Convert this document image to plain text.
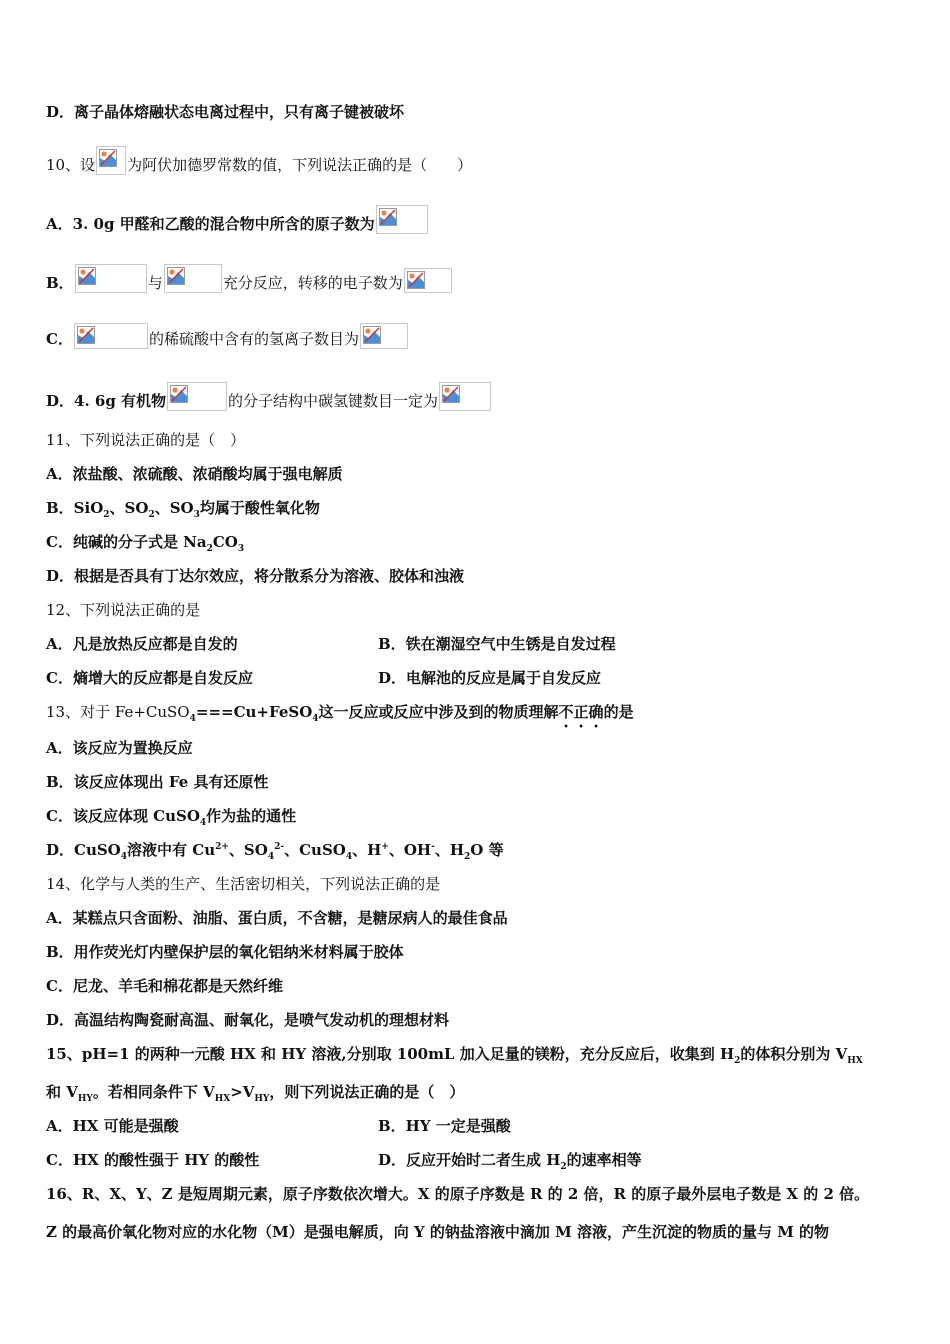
D．离子晶体熔融状态电离过程中，只有离子键被破坏
10、设 为阿伏加德罗常数的值，下列说法正确的是（　　）
A．3. 0g 甲醛和乙酸的混合物中所含的原子数为
B．	与	充分反应，转移的电子数为
C．	的稀硫酸中含有的氢离子数目为
D．4. 6g 有机物	的分子结构中碳氢键数目一定为
11、下列说法正确的是（　）
A．浓盐酸、浓硫酸、浓硝酸均属于强电解质
B．SiO$_2$、$SO_2$、$SO_3$均属于酸性氧化物
C．纯碱的分子式是 $Na_2CO_3$
D．根据是否具有丁达尔效应，将分散系分为溶液、胶体和浊液
12、下列说法正确的是
A．凡是放热反应都是自发的	B．铁在潮湿空气中生锈是自发过程
C．熵增大的反应都是自发反应	D．电解池的反应是属于自发反应
13、对于 Fe+CuSO$_4$===Cu+FeSO$_4$这一反应或反应中涉及到的物质理解不正确的是
A．该反应为置换反应
B．该反应体现出 Fe 具有还原性
C．该反应体现 CuSO$_4$作为盐的通性
D．CuSO$_4$溶液中有 $Cu^{2+}$、$SO_4^{2-}$、CuSO$_4$、H+、OH-、$H_2O$ 等
14、化学与人类的生产、生活密切相关，下列说法正确的是
A．某糕点只含面粉、油脂、蛋白质，不含糖，是糖尿病人的最佳食品
B．用作荧光灯内壁保护层的氧化铝纳米材料属于胶体
C．尼龙、羊毛和棉花都是天然纤维
D．高温结构陶瓷耐高温、耐氧化，是喷气发动机的理想材料
15、pH=1 的两种一元酸 HX 和 HY 溶液,分别取 100mL 加入足量的镁粉，充分反应后，收集到 $H_2$的体积分别为 $V_{HX}$
和 $V_{HY}$。若相同条件下 $V_{HX}>V_{HY}$，则下列说法正确的是（　）
A．HX 可能是强酸	B．HY 一定是强酸
C．HX 的酸性强于 HY 的酸性	D．反应开始时二者生成 $H_2$的速率相等
16、R、X、Y、Z 是短周期元素，原子序数依次增大。X 的原子序数是 R 的 2 倍，R 的原子最外层电子数是 X 的 2 倍。
Z 的最高价氧化物对应的水化物（M）是强电解质，向 Y 的钠盐溶液中滴加 M 溶液，产生沉淀的物质的量与 M 的物
